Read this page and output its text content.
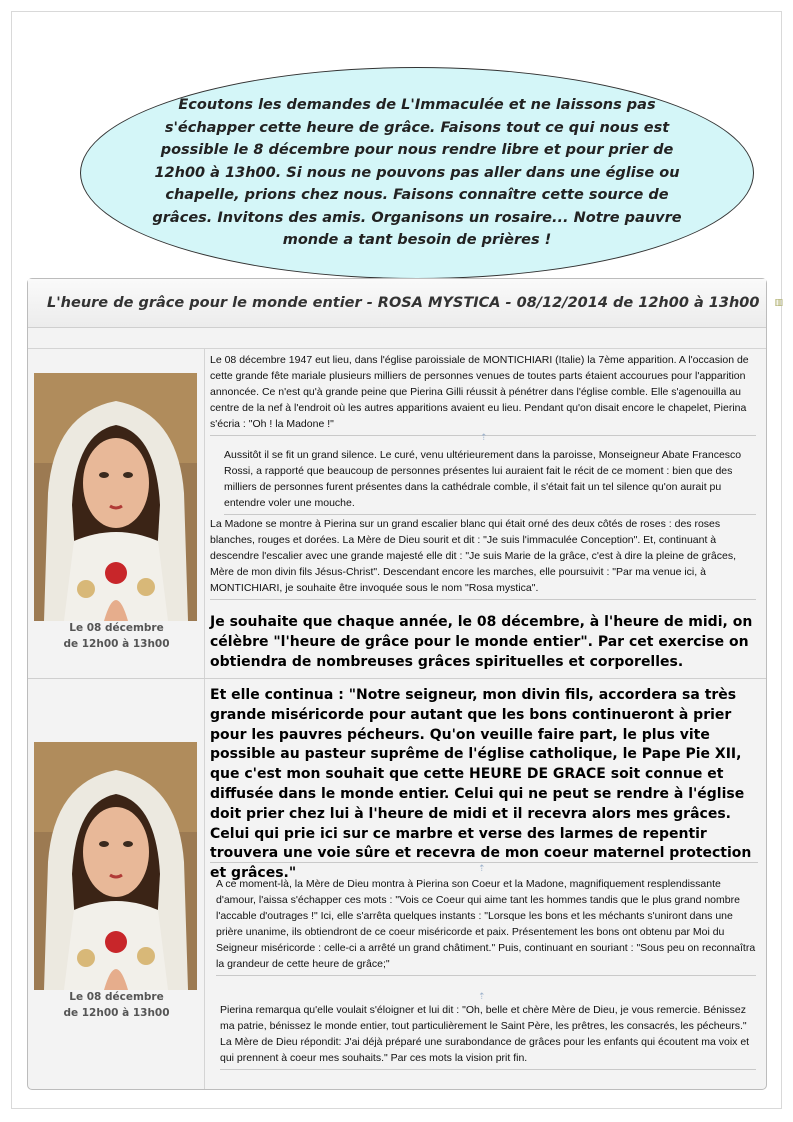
Ecoutons les demandes de L'Immaculée et ne laissons pas s'échapper cette heure de grâce. Faisons tout ce qui nous est possible le 8 décembre pour nous rendre libre et pour prier de 12h00 à 13h00. Si nous ne pouvons pas aller dans une église ou chapelle, prions chez nous. Faisons connaître cette source de grâces. Invitons des amis. Organisons un rosaire... Notre pauvre monde a tant besoin de prières !

L'heure de grâce pour le monde entier - ROSA MYSTICA - 08/12/2014 de 12h00 à 13h00 ▥
Le 08 décembre
de 12h00 à 13h00

Le 08 décembre 1947 eut lieu, dans l'église paroissiale de MONTICHIARI (Italie) la 7ème apparition. A l'occasion de cette grande fête mariale plusieurs milliers de personnes venues de toutes parts étaient accourues pour l'apparition annoncée. Ce n'est qu'à grande peine que Pierina Gilli réussit à pénétrer dans l'église comble. Elle s'agenouilla au centre de la nef à l'endroit où les autres apparitions avaient eu lieu. Pendant qu'on disait encore le chapelet, Pierina s'écria : "Oh ! la Madone !"

⇡

Aussitôt il se fit un grand silence. Le curé, venu ultérieurement dans la paroisse, Monseigneur Abate Francesco Rossi, a rapporté que beaucoup de personnes présentes lui auraient fait le récit de ce moment : bien que des milliers de personnes furent présentes dans la cathédrale comble, il s'était fait un tel silence qu'on aurait pu entendre voler une mouche.

La Madone se montre à Pierina sur un grand escalier blanc qui était orné des deux côtés de roses : des roses blanches, rouges et dorées. La Mère de Dieu sourit et dit : "Je suis l'immaculée Conception". Et, continuant à descendre l'escalier avec une grande majesté elle dit : "Je suis Marie de la grâce, c'est à dire la pleine de grâces, Mère de mon divin fils Jésus-Christ". Descendant encore les marches, elle poursuivit : "Par ma venue ici, à MONTICHIARI, je souhaite être invoquée sous le nom "Rosa mystica".

Je souhaite que chaque année, le 08 décembre, à l'heure de midi, on célèbre "l'heure de grâce pour le monde entier". Par cet exercise on obtiendra de nombreuses grâces spirituelles et corporelles.

Le 08 décembre
de 12h00 à 13h00

Et elle continua : "Notre seigneur, mon divin fils, accordera sa très grande miséricorde pour autant que les bons continueront à prier pour les pauvres pécheurs. Qu'on veuille faire part, le plus vite possible au pasteur suprême de l'église catholique, le Pape Pie XII, que c'est mon souhait que cette HEURE DE GRACE soit connue et diffusée dans le monde entier. Celui qui ne peut se rendre à l'église doit prier chez lui à l'heure de midi et il recevra alors mes grâces. Celui qui prie ici sur ce marbre et verse des larmes de repentir trouvera une voie sûre et recevra de mon coeur maternel protection et grâces."	⇡

A ce moment-là, la Mère de Dieu montra à Pierina son Coeur et la Madone, magnifiquement resplendissante d'amour, l'aissa s'échapper ces mots : "Vois ce Coeur qui aime tant les hommes tandis que le plus grand nombre l'accable d'outrages !" Ici, elle s'arrêta quelques instants : "Lorsque les bons et les méchants s'uniront dans une prière unanime, ils obtiendront de ce coeur miséricorde et paix. Présentement les bons ont obtenu par Moi du Seigneur miséricorde : celle-ci a arrêté un grand châtiment." Puis, continuant en souriant : "Sous peu on reconnaîtra la grandeur de cette heure de grâce;"

⇡

Pierina remarqua qu'elle voulait s'éloigner et lui dit : "Oh, belle et chère Mère de Dieu, je vous remercie. Bénissez ma patrie, bénissez le monde entier, tout particulièrement le Saint Père, les prêtres, les consacrés, les pécheurs." La Mère de Dieu répondit: J'ai déjà préparé une surabondance de grâces pour les enfants qui écoutent ma voix et qui prennent à coeur mes souhaits." Par ces mots la vision prit fin.
